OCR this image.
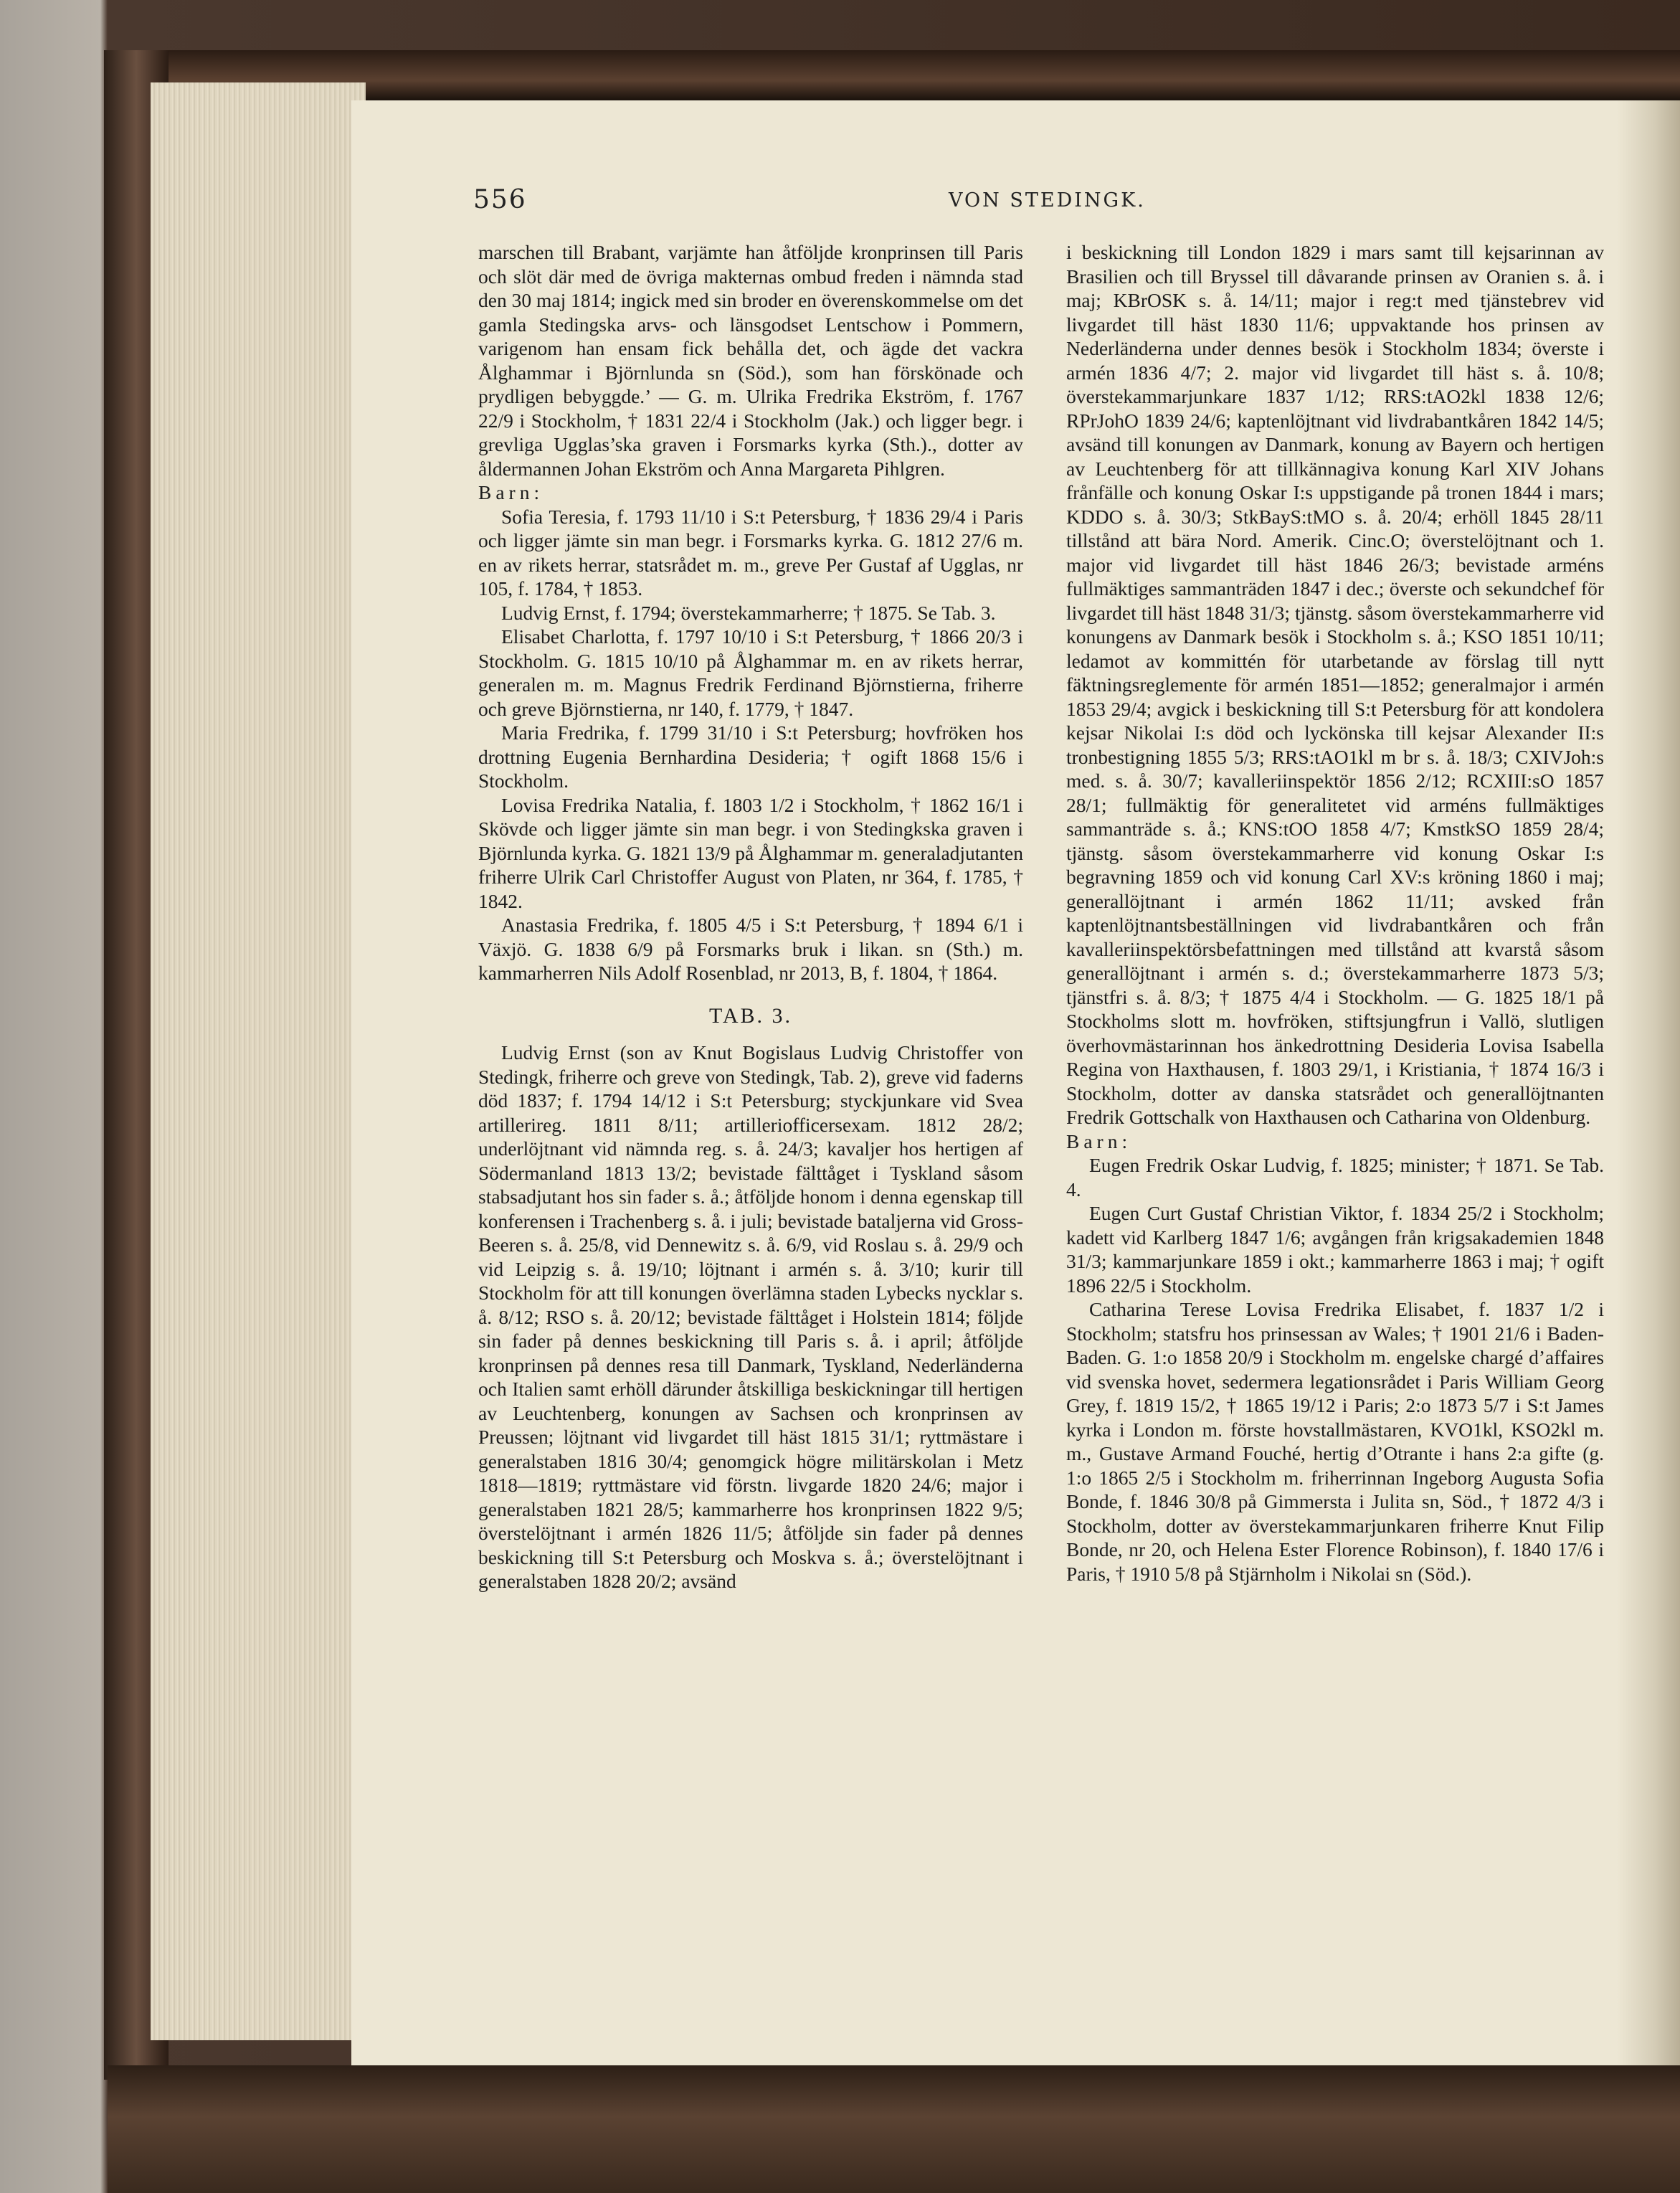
556	VON STEDINGK.

marschen till Brabant, varjämte han åtföljde kronprinsen till Paris och slöt där med de övriga makternas ombud freden i nämnda stad den 30 maj 1814; ingick med sin broder en överenskommelse om det gamla Stedingska arvs- och länsgodset Lentschow i Pommern, varigenom han ensam fick behålla det, och ägde det vackra Ålghammar i Björnlunda sn (Söd.), som han förskönade och prydligen bebyggde.’ — G. m. Ulrika Fredrika Ekström, f. 1767 22/9 i Stockholm, † 1831 22/4 i Stockholm (Jak.) och ligger begr. i grevliga Ugglas’ska graven i Forsmarks kyrka (Sth.)., dotter av åldermannen Johan Ekström och Anna Margareta Pihlgren.

Barn:

Sofia Teresia, f. 1793 11/10 i S:t Petersburg, † 1836 29/4 i Paris och ligger jämte sin man begr. i Forsmarks kyrka. G. 1812 27/6 m. en av rikets herrar, statsrådet m. m., greve Per Gustaf af Ugglas, nr 105, f. 1784, † 1853.

Ludvig Ernst, f. 1794; överstekammarherre; † 1875. Se Tab. 3.

Elisabet Charlotta, f. 1797 10/10 i S:t Petersburg, † 1866 20/3 i Stockholm. G. 1815 10/10 på Ålghammar m. en av rikets herrar, generalen m. m. Magnus Fredrik Ferdinand Björnstierna, friherre och greve Björnstierna, nr 140, f. 1779, † 1847.

Maria Fredrika, f. 1799 31/10 i S:t Petersburg; hovfröken hos drottning Eugenia Bernhardina Desideria; † ogift 1868 15/6 i Stockholm.

Lovisa Fredrika Natalia, f. 1803 1/2 i Stockholm, † 1862 16/1 i Skövde och ligger jämte sin man begr. i von Stedingkska graven i Björnlunda kyrka. G. 1821 13/9 på Ålghammar m. generaladjutanten friherre Ulrik Carl Christoffer August von Platen, nr 364, f. 1785, † 1842.

Anastasia Fredrika, f. 1805 4/5 i S:t Petersburg, † 1894 6/1 i Växjö. G. 1838 6/9 på Forsmarks bruk i likan. sn (Sth.) m. kammarherren Nils Adolf Rosenblad, nr 2013, B, f. 1804, † 1864.

TAB. 3.

Ludvig Ernst (son av Knut Bogislaus Ludvig Christoffer von Stedingk, friherre och greve von Stedingk, Tab. 2), greve vid faderns död 1837; f. 1794 14/12 i S:t Petersburg; styckjunkare vid Svea artillerireg. 1811 8/11; artilleriofficersexam. 1812 28/2; underlöjtnant vid nämnda reg. s. å. 24/3; kavaljer hos hertigen af Södermanland 1813 13/2; bevistade fälttåget i Tyskland såsom stabsadjutant hos sin fader s. å.; åtföljde honom i denna egenskap till konferensen i Trachenberg s. å. i juli; bevistade bataljerna vid Gross-Beeren s. å. 25/8, vid Dennewitz s. å. 6/9, vid Roslau s. å. 29/9 och vid Leipzig s. å. 19/10; löjtnant i armén s. å. 3/10; kurir till Stockholm för att till konungen överlämna staden Lybecks nycklar s. å. 8/12; RSO s. å. 20/12; bevistade fälttåget i Holstein 1814; följde sin fader på dennes beskickning till Paris s. å. i april; åtföljde kronprinsen på dennes resa till Danmark, Tyskland, Nederländerna och Italien samt erhöll därunder åtskilliga beskickningar till hertigen av Leuchtenberg, konungen av Sachsen och kronprinsen av Preussen; löjtnant vid livgardet till häst 1815 31/1; ryttmästare i generalstaben 1816 30/4; genomgick högre militärskolan i Metz 1818—1819; ryttmästare vid förstn. livgarde 1820 24/6; major i generalstaben 1821 28/5; kammarherre hos kronprinsen 1822 9/5; överstelöjtnant i armén 1826 11/5; åtföljde sin fader på dennes beskickning till S:t Petersburg och Moskva s. å.; överstelöjtnant i generalstaben 1828 20/2; avsänd

i beskickning till London 1829 i mars samt till kejsarinnan av Brasilien och till Bryssel till dåvarande prinsen av Oranien s. å. i maj; KBrOSK s. å. 14/11; major i reg:t med tjänstebrev vid livgardet till häst 1830 11/6; uppvaktande hos prinsen av Nederländerna under dennes besök i Stockholm 1834; överste i armén 1836 4/7; 2. major vid livgardet till häst s. å. 10/8; överstekammarjunkare 1837 1/12; RRS:tAO2kl 1838 12/6; RPrJohO 1839 24/6; kaptenlöjtnant vid livdrabantkåren 1842 14/5; avsänd till konungen av Danmark, konung av Bayern och hertigen av Leuchtenberg för att tillkännagiva konung Karl XIV Johans frånfälle och konung Oskar I:s uppstigande på tronen 1844 i mars; KDDO s. å. 30/3; StkBayS:tMO s. å. 20/4; erhöll 1845 28/11 tillstånd att bära Nord. Amerik. Cinc.O; överstelöjtnant och 1. major vid livgardet till häst 1846 26/3; bevistade arméns fullmäktiges sammanträden 1847 i dec.; överste och sekundchef för livgardet till häst 1848 31/3; tjänstg. såsom överstekammarherre vid konungens av Danmark besök i Stockholm s. å.; KSO 1851 10/11; ledamot av kommittén för utarbetande av förslag till nytt fäktningsreglemente för armén 1851—1852; generalmajor i armén 1853 29/4; avgick i beskickning till S:t Petersburg för att kondolera kejsar Nikolai I:s död och lyckönska till kejsar Alexander II:s tronbestigning 1855 5/3; RRS:tAO1kl m br s. å. 18/3; CXIVJoh:s med. s. å. 30/7; kavalleriinspektör 1856 2/12; RCXIII:sO 1857 28/1; fullmäktig för generalitetet vid arméns fullmäktiges sammanträde s. å.; KNS:tOO 1858 4/7; KmstkSO 1859 28/4; tjänstg. såsom överstekammarherre vid konung Oskar I:s begravning 1859 och vid konung Carl XV:s kröning 1860 i maj; generallöjtnant i armén 1862 11/11; avsked från kaptenlöjtnantsbeställningen vid livdrabantkåren och från kavalleriinspektörsbefattningen med tillstånd att kvarstå såsom generallöjtnant i armén s. d.; överstekammarherre 1873 5/3; tjänstfri s. å. 8/3; † 1875 4/4 i Stockholm. — G. 1825 18/1 på Stockholms slott m. hovfröken, stiftsjungfrun i Vallö, slutligen överhovmästarinnan hos änkedrottning Desideria Lovisa Isabella Regina von Haxthausen, f. 1803 29/1, i Kristiania, † 1874 16/3 i Stockholm, dotter av danska statsrådet och generallöjtnanten Fredrik Gottschalk von Haxthausen och Catharina von Oldenburg.

Barn:

Eugen Fredrik Oskar Ludvig, f. 1825; minister; † 1871. Se Tab. 4.

Eugen Curt Gustaf Christian Viktor, f. 1834 25/2 i Stockholm; kadett vid Karlberg 1847 1/6; avgången från krigsakademien 1848 31/3; kammarjunkare 1859 i okt.; kammarherre 1863 i maj; † ogift 1896 22/5 i Stockholm.

Catharina Terese Lovisa Fredrika Elisabet, f. 1837 1/2 i Stockholm; statsfru hos prinsessan av Wales; † 1901 21/6 i Baden-Baden. G. 1:o 1858 20/9 i Stockholm m. engelske chargé d’affaires vid svenska hovet, sedermera legationsrådet i Paris William Georg Grey, f. 1819 15/2, † 1865 19/12 i Paris; 2:o 1873 5/7 i S:t James kyrka i London m. förste hovstallmästaren, KVO1kl, KSO2kl m. m., Gustave Armand Fouché, hertig d’Otrante i hans 2:a gifte (g. 1:o 1865 2/5 i Stockholm m. friherrinnan Ingeborg Augusta Sofia Bonde, f. 1846 30/8 på Gimmersta i Julita sn, Söd., † 1872 4/3 i Stockholm, dotter av överstekammarjunkaren friherre Knut Filip Bonde, nr 20, och Helena Ester Florence Robinson), f. 1840 17/6 i Paris, † 1910 5/8 på Stjärnholm i Nikolai sn (Söd.).
